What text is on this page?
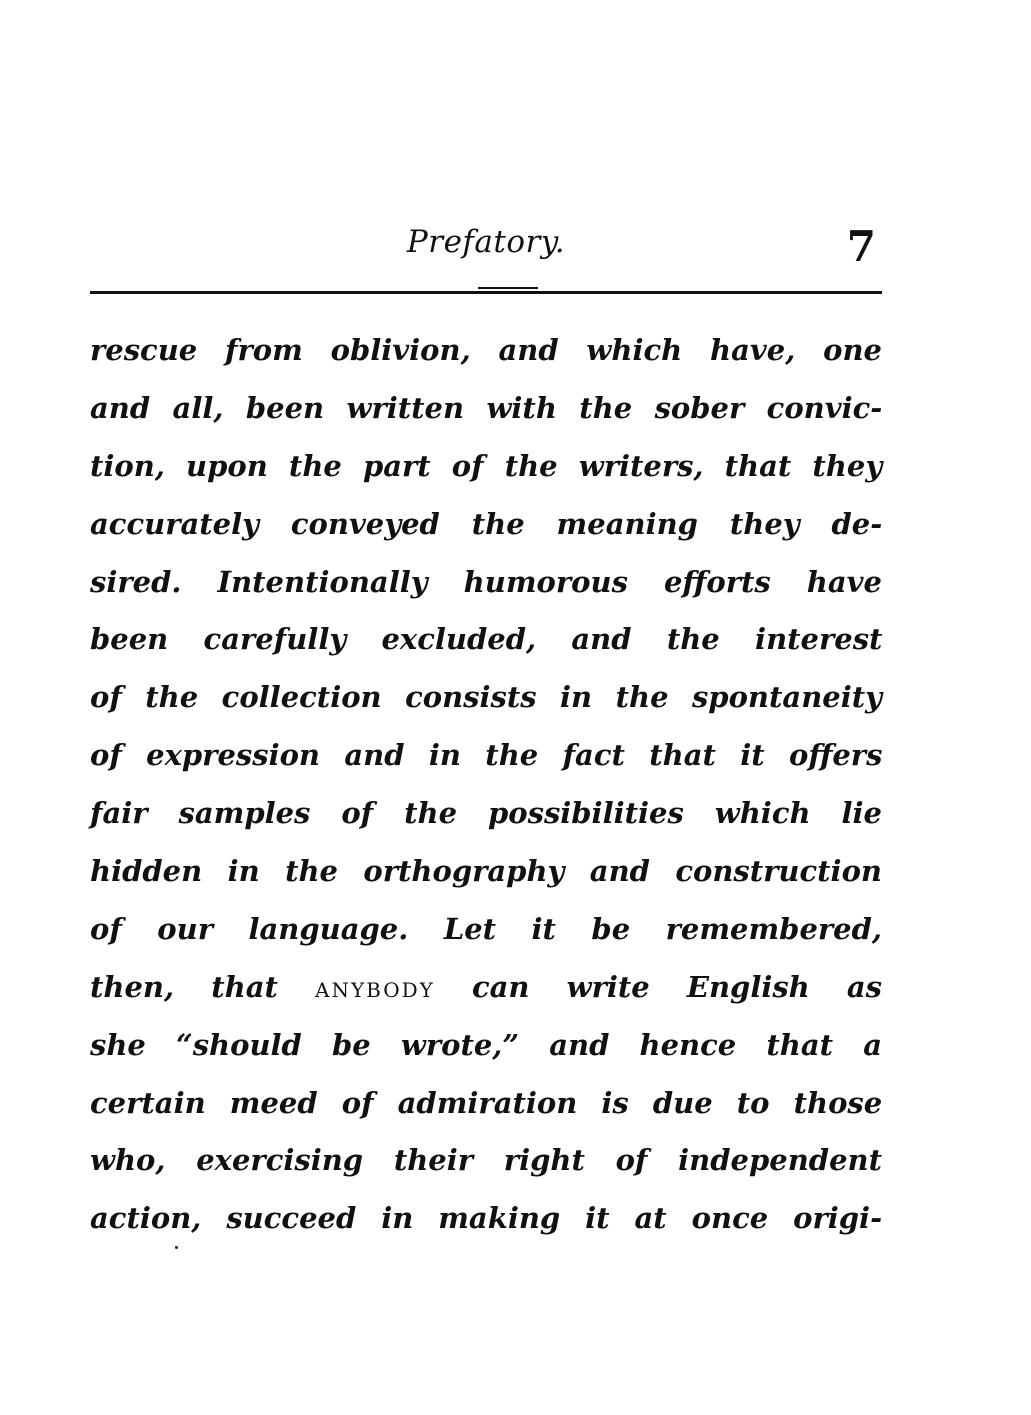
Prefatory.	7
rescue from oblivion, and which have, one
and all, been written with the sober convic-
tion, upon the part of the writers, that they
accurately conveyed the meaning they de-
sired. Intentionally humorous efforts have
been carefully excluded, and the interest
of the collection consists in the spontaneity
of expression and in the fact that it offers
fair samples of the possibilities which lie
hidden in the orthography and construction
of our language. Let it be remembered,
then, that anybody can write English as
she “should be wrote,” and hence that a
certain meed of admiration is due to those
who, exercising their right of independent
action, succeed in making it at once origi-
